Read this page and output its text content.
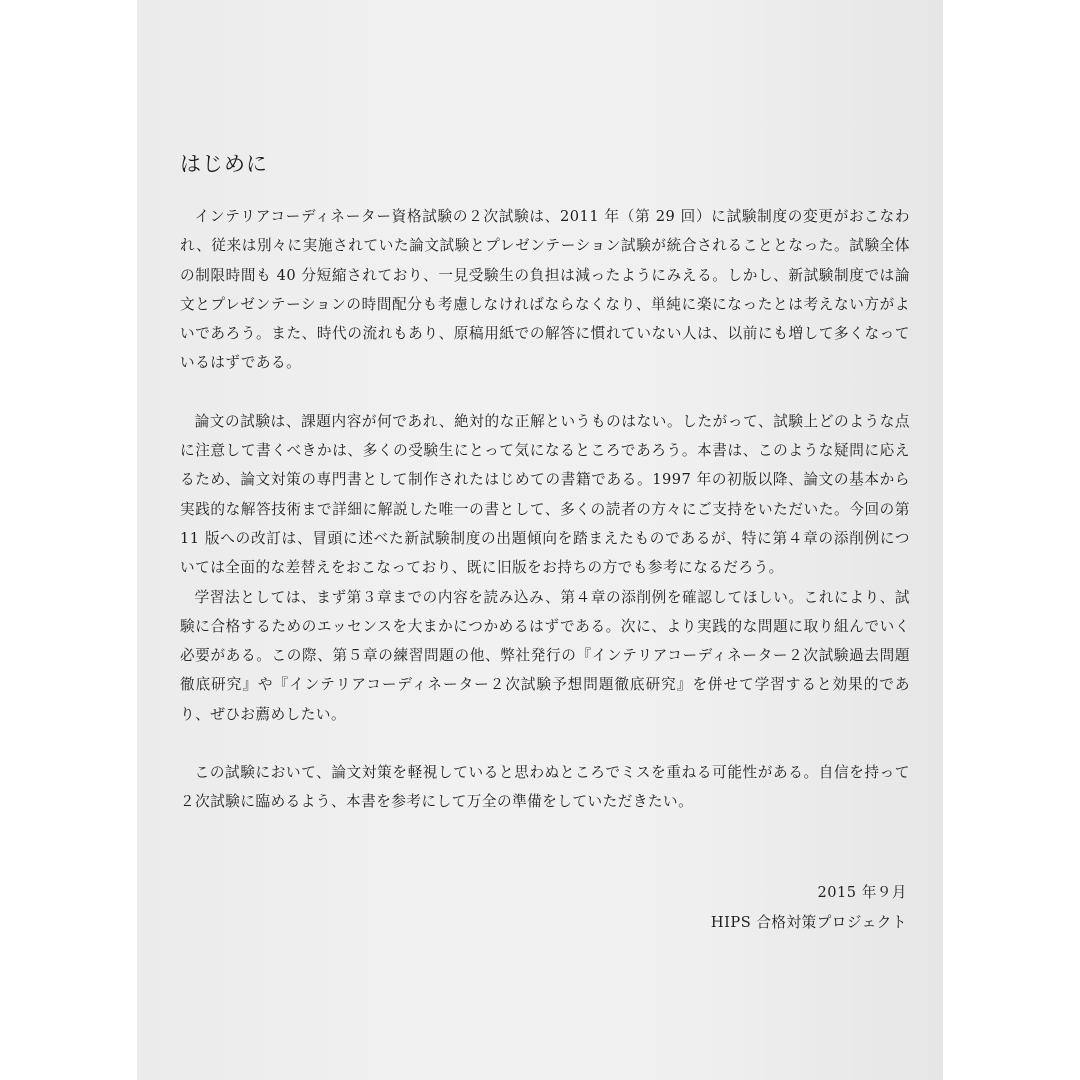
はじめに

インテリアコーディネーター資格試験の２次試験は、2011 年（第 29 回）に試験制度の変更がおこなわれ、従来は別々に実施されていた論文試験とプレゼンテーション試験が統合されることとなった。試験全体の制限時間も 40 分短縮されており、一見受験生の負担は減ったようにみえる。しかし、新試験制度では論文とプレゼンテーションの時間配分も考慮しなければならなくなり、単純に楽になったとは考えない方がよいであろう。また、時代の流れもあり、原稿用紙での解答に慣れていない人は、以前にも増して多くなっているはずである。

論文の試験は、課題内容が何であれ、絶対的な正解というものはない。したがって、試験上どのような点に注意して書くべきかは、多くの受験生にとって気になるところであろう。本書は、このような疑問に応えるため、論文対策の専門書として制作されたはじめての書籍である。1997 年の初版以降、論文の基本から実践的な解答技術まで詳細に解説した唯一の書として、多くの読者の方々にご支持をいただいた。今回の第 11 版への改訂は、冒頭に述べた新試験制度の出題傾向を踏まえたものであるが、特に第４章の添削例については全面的な差替えをおこなっており、既に旧版をお持ちの方でも参考になるだろう。

学習法としては、まず第３章までの内容を読み込み、第４章の添削例を確認してほしい。これにより、試験に合格するためのエッセンスを大まかにつかめるはずである。次に、より実践的な問題に取り組んでいく必要がある。この際、第５章の練習問題の他、弊社発行の『インテリアコーディネーター２次試験過去問題徹底研究』や『インテリアコーディネーター２次試験予想問題徹底研究』を併せて学習すると効果的であり、ぜひお薦めしたい。

この試験において、論文対策を軽視していると思わぬところでミスを重ねる可能性がある。自信を持って２次試験に臨めるよう、本書を参考にして万全の準備をしていただきたい。

2015 年９月
HIPS 合格対策プロジェクト
